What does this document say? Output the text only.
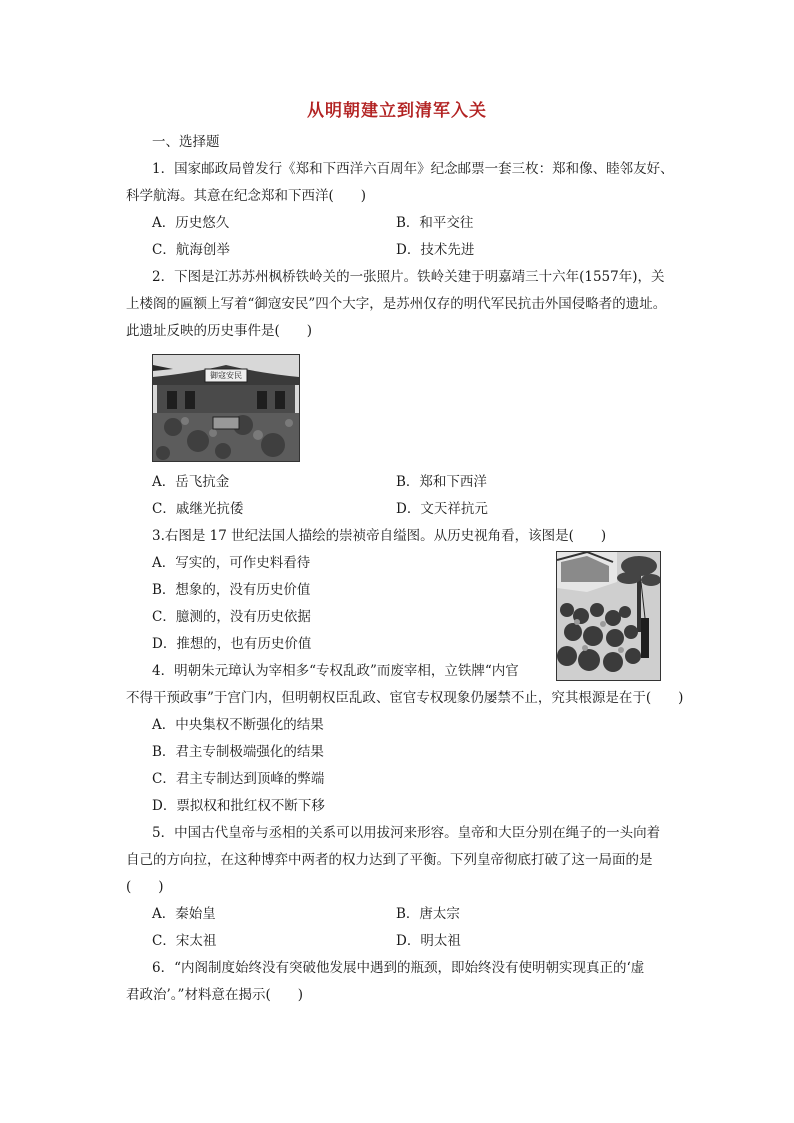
从明朝建立到清军入关
一、选择题
1．国家邮政局曾发行《郑和下西洋六百周年》纪念邮票一套三枚：郑和像、睦邻友好、
科学航海。其意在纪念郑和下西洋(　　)
A．历史悠久	B．和平交往
C．航海创举	D．技术先进
2．下图是江苏苏州枫桥铁岭关的一张照片。铁岭关建于明嘉靖三十六年(1557年)，关
上楼阁的匾额上写着“御寇安民”四个大字，是苏州仅存的明代军民抗击外国侵略者的遗址。
此遗址反映的历史事件是(　　)
御寇安民
A．岳飞抗金	B．郑和下西洋
C．戚继光抗倭	D．文天祥抗元
3.右图是 17 世纪法国人描绘的崇祯帝自缢图。从历史视角看，该图是(　　)
A．写实的，可作史料看待
B．想象的，没有历史价值
C．臆测的，没有历史依据
D．推想的，也有历史价值
4．明朝朱元璋认为宰相多“专权乱政”而废宰相，立铁牌“内官
不得干预政事”于宫门内，但明朝权臣乱政、宦官专权现象仍屡禁不止，究其根源是在于(　　)
A．中央集权不断强化的结果
B．君主专制极端强化的结果
C．君主专制达到顶峰的弊端
D．票拟权和批红权不断下移
5．中国古代皇帝与丞相的关系可以用拔河来形容。皇帝和大臣分别在绳子的一头向着
自己的方向拉，在这种博弈中两者的权力达到了平衡。下列皇帝彻底打破了这一局面的是
(　　)
A．秦始皇	B．唐太宗
C．宋太祖	D．明太祖
6．“内阁制度始终没有突破他发展中遇到的瓶颈，即始终没有使明朝实现真正的‘虚
君政治’。”材料意在揭示(　　)
